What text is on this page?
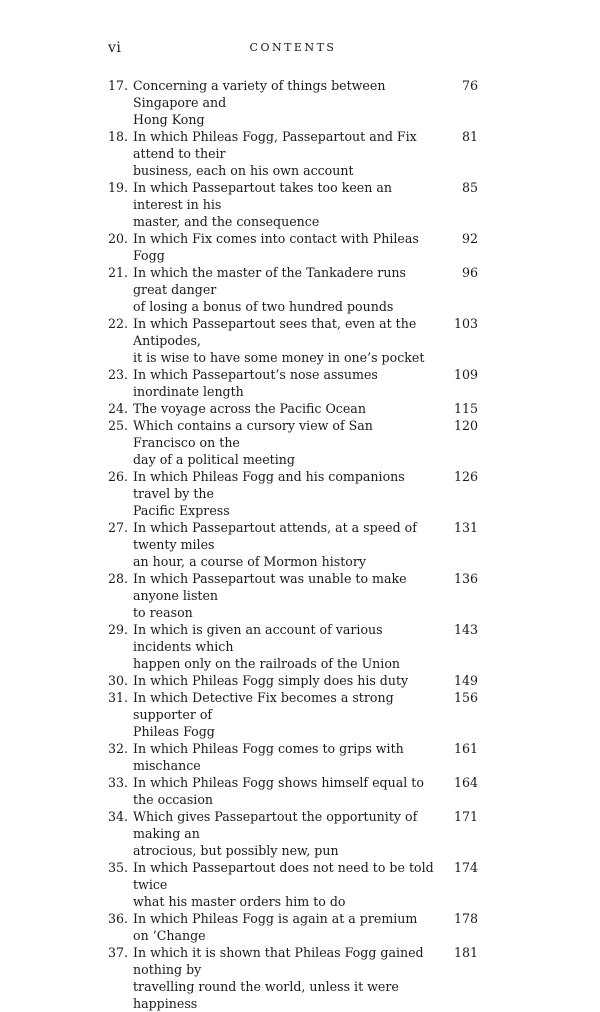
vi	CONTENTS
17. Concerning a variety of things between Singapore and
Hong Kong
76
18. In which Phileas Fogg, Passepartout and Fix attend to their
business, each on his own account
81
19. In which Passepartout takes too keen an interest in his
master, and the consequence
85
20. In which Fix comes into contact with Phileas Fogg
92
21. In which the master of the Tankadere runs great danger
of losing a bonus of two hundred pounds
96
22. In which Passepartout sees that, even at the Antipodes,
it is wise to have some money in one’s pocket
103
23. In which Passepartout’s nose assumes inordinate length
109
24. The voyage across the Pacific Ocean	115
25. Which contains a cursory view of San Francisco on the
day of a political meeting
120
26. In which Phileas Fogg and his companions travel by the
Pacific Express
126
27. In which Passepartout attends, at a speed of twenty miles
an hour, a course of Mormon history
131
28. In which Passepartout was unable to make anyone listen
to reason
136
29. In which is given an account of various incidents which
happen only on the railroads of the Union
143
30. In which Phileas Fogg simply does his duty	149
31. In which Detective Fix becomes a strong supporter of
Phileas Fogg
156
32. In which Phileas Fogg comes to grips with mischance
161
33. In which Phileas Fogg shows himself equal to the occasion
164
34. Which gives Passepartout the opportunity of making an
atrocious, but possibly new, pun
171
35. In which Passepartout does not need to be told twice
what his master orders him to do
174
36. In which Phileas Fogg is again at a premium on ’Change
178
37. In which it is shown that Phileas Fogg gained nothing by
travelling round the world, unless it were happiness
181
